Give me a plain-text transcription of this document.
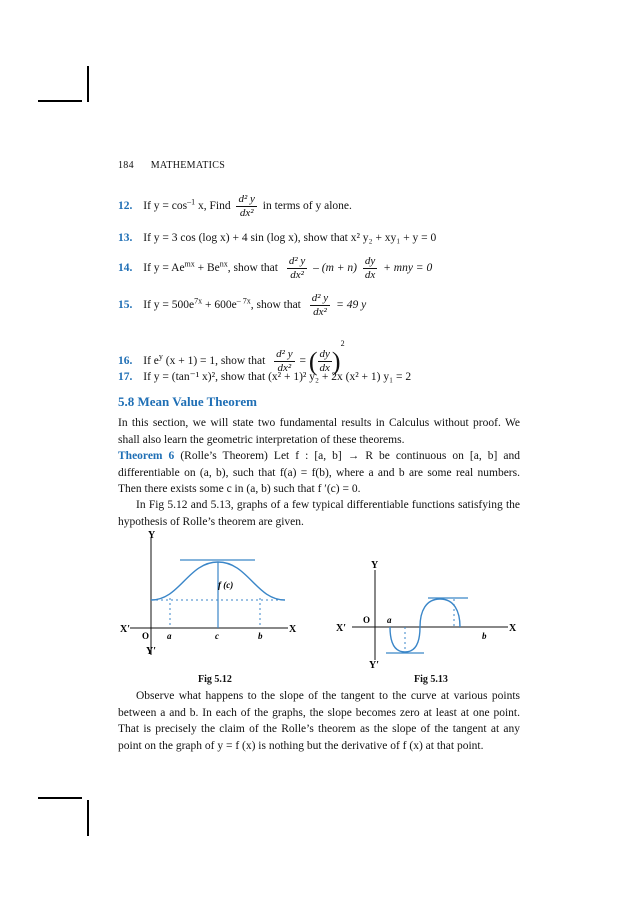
184 MATHEMATICS
12. If $y = \cos^{-1} x$, Find $\frac{\text{d² y}}{\text{dx²}}$ in terms of y alone.
13. If y = 3 cos (log x) + 4 sin (log x), show that x² y₂ + xy₁ + y = 0
14. If $y = Ae^{mx} + Be^{nx}$, show that $\frac{\text{d² y}}{\text{dx²}} - (m + n) \frac{dy}{dx}$ + mny = 0
15. If $y = 500e^{7x} + 600e^{- 7x}$, show that $\frac{\text{d² y}}{\text{dx²}} = 49$ y
16. If $e^y$ (x + 1) = 1, show that $\frac{\text{d² y}}{\text{dx²}}$ = ( $\frac{dy}{dx} )^2$
17. If y = (tan⁻¹ x)², show that (x² + 1)² y₂ + 2x (x² + 1) y₁ = 2
5.8 Mean Value Theorem
In this section, we will state two fundamental results in Calculus without proof. We shall also learn the geometric interpretation of these theorems.
Theorem 6 (Rolle’s Theorem) Let f : [a, b] → R be continuous on [a, b] and differentiable on (a, b), such that f(a) = f(b), where a and b are some real numbers. Then there exists some c in (a, b) such that f ′(c) = 0.
In Fig 5.12 and 5.13, graphs of a few typical differentiable functions satisfying the hypothesis of Rolle’s theorem are given.
Y
Y′
X
X′
O a	c	b
f (c)
Fig 5.12
Y
Y′
X
X′
O a
b
Fig 5.13
Observe what happens to the slope of the tangent to the curve at various points between a and b. In each of the graphs, the slope becomes zero at least at one point. That is precisely the claim of the Rolle’s theorem as the slope of the tangent at any point on the graph of y = f (x) is nothing but the derivative of f (x) at that point.
